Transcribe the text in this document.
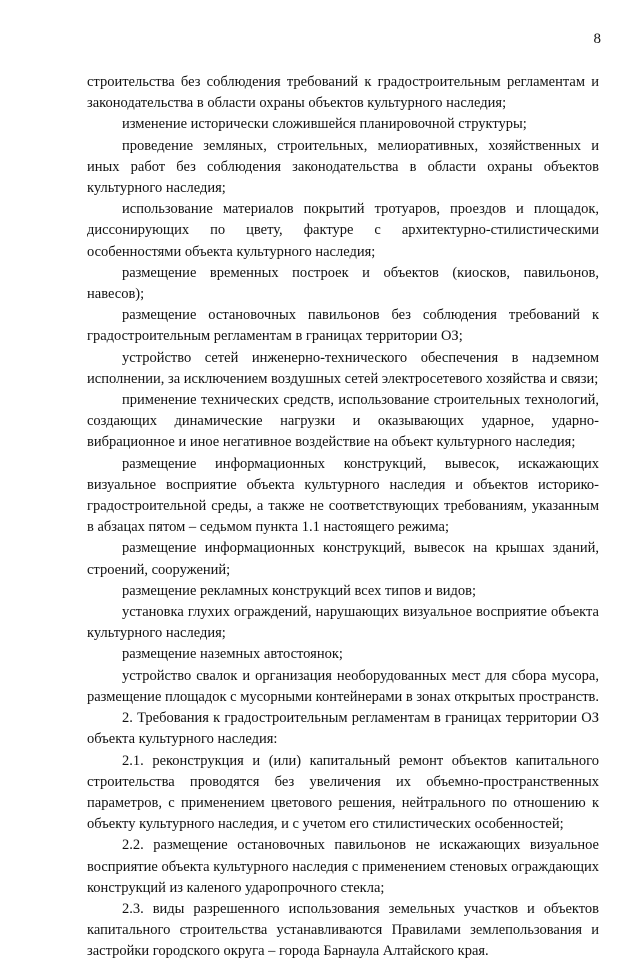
8

строительства без соблюдения требований к градостроительным регламентам и законодательства в области охраны объектов культурного наследия;

изменение исторически сложившейся планировочной структуры;

проведение земляных, строительных, мелиоративных, хозяйственных и иных работ без соблюдения законодательства в области охраны объектов культурного наследия;

использование материалов покрытий тротуаров, проездов и площадок, диссонирующих по цвету, фактуре с архитектурно-стилистическими особенностями объекта культурного наследия;

размещение временных построек и объектов (киосков, павильонов, навесов);

размещение остановочных павильонов без соблюдения требований к градостроительным регламентам в границах территории ОЗ;

устройство сетей инженерно-технического обеспечения в надземном исполнении, за исключением воздушных сетей электросетевого хозяйства и связи;

применение технических средств, использование строительных технологий, создающих динамические нагрузки и оказывающих ударное, ударно-вибрационное и иное негативное воздействие на объект культурного наследия;

размещение информационных конструкций, вывесок, искажающих визуальное восприятие объекта культурного наследия и объектов историко-градостроительной среды, а также не соответствующих требованиям, указанным в абзацах пятом – седьмом пункта 1.1 настоящего режима;

размещение информационных конструкций, вывесок на крышах зданий, строений, сооружений;

размещение рекламных конструкций всех типов и видов;

установка глухих ограждений, нарушающих визуальное восприятие объекта культурного наследия;

размещение наземных автостоянок;

устройство свалок и организация необорудованных мест для сбора мусора, размещение площадок с мусорными контейнерами в зонах открытых пространств.

2. Требования к градостроительным регламентам в границах территории ОЗ объекта культурного наследия:

2.1. реконструкция и (или) капитальный ремонт объектов капитального строительства проводятся без увеличения их объемно-пространственных параметров, с применением цветового решения, нейтрального по отношению к объекту культурного наследия, и с учетом его стилистических особенностей;

2.2. размещение остановочных павильонов не искажающих визуальное восприятие объекта культурного наследия с применением стеновых ограждающих конструкций из каленого ударопрочного стекла;

2.3. виды разрешенного использования земельных участков и объектов капитального строительства устанавливаются Правилами землепользования и застройки городского округа – города Барнаула Алтайского края.
